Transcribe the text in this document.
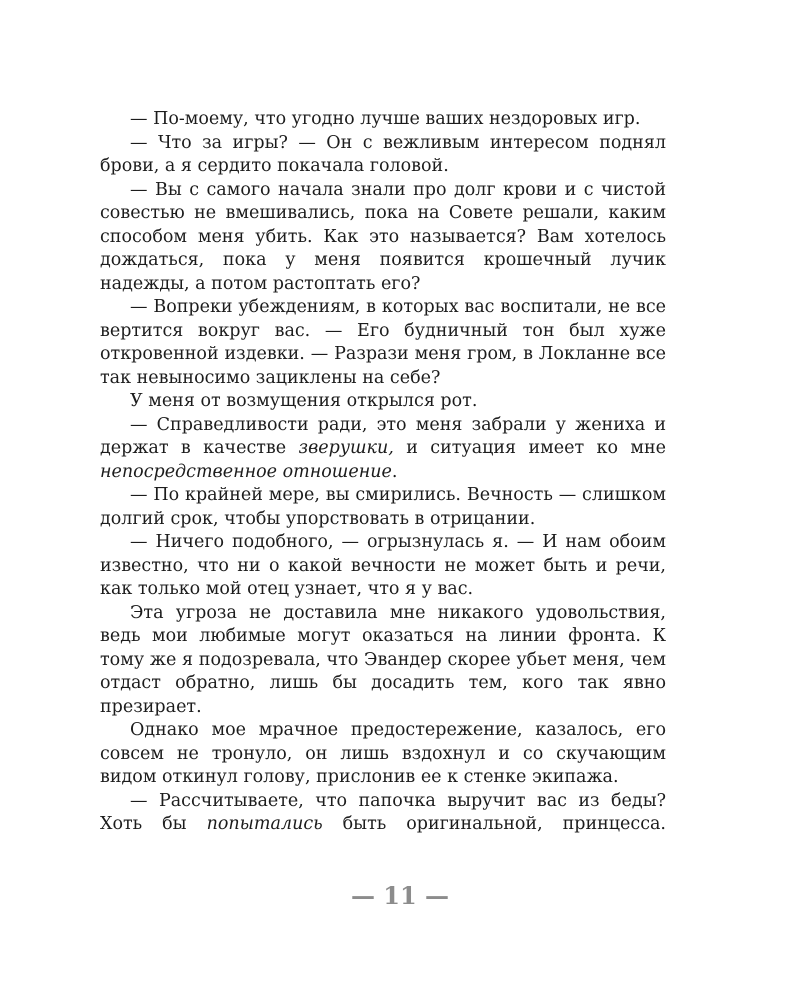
— По-моему, что угодно лучше ваших нездоровых игр.

— Что за игры? — Он с вежливым интересом поднял брови, а я сердито покачала головой.

— Вы с самого начала знали про долг крови и с чистой совестью не вмешивались, пока на Совете решали, каким способом меня убить. Как это называется? Вам хотелось дождаться, пока у меня появится крошечный лучик надежды, а потом растоптать его?

— Вопреки убеждениям, в которых вас воспитали, не все вертится вокруг вас. — Его будничный тон был хуже откровенной издевки. — Разрази меня гром, в Локланне все так невыносимо зациклены на себе?

У меня от возмущения открылся рот.

— Справедливости ради, это меня забрали у жениха и держат в качестве зверушки, и ситуация имеет ко мне непосредственное отношение.

— По крайней мере, вы смирились. Вечность — слишком долгий срок, чтобы упорствовать в отрицании.

— Ничего подобного, — огрызнулась я. — И нам обоим известно, что ни о какой вечности не может быть и речи, как только мой отец узнает, что я у вас.

Эта угроза не доставила мне никакого удовольствия, ведь мои любимые могут оказаться на линии фронта. К тому же я подозревала, что Эвандер скорее убьет меня, чем отдаст обратно, лишь бы досадить тем, кого так явно презирает.

Однако мое мрачное предостережение, казалось, его совсем не тронуло, он лишь вздохнул и со скучающим видом откинул голову, прислонив ее к стенке экипажа.

— Рассчитываете, что папочка выручит вас из беды? Хоть бы попытались быть оригинальной, принцесса.

— 11 —
